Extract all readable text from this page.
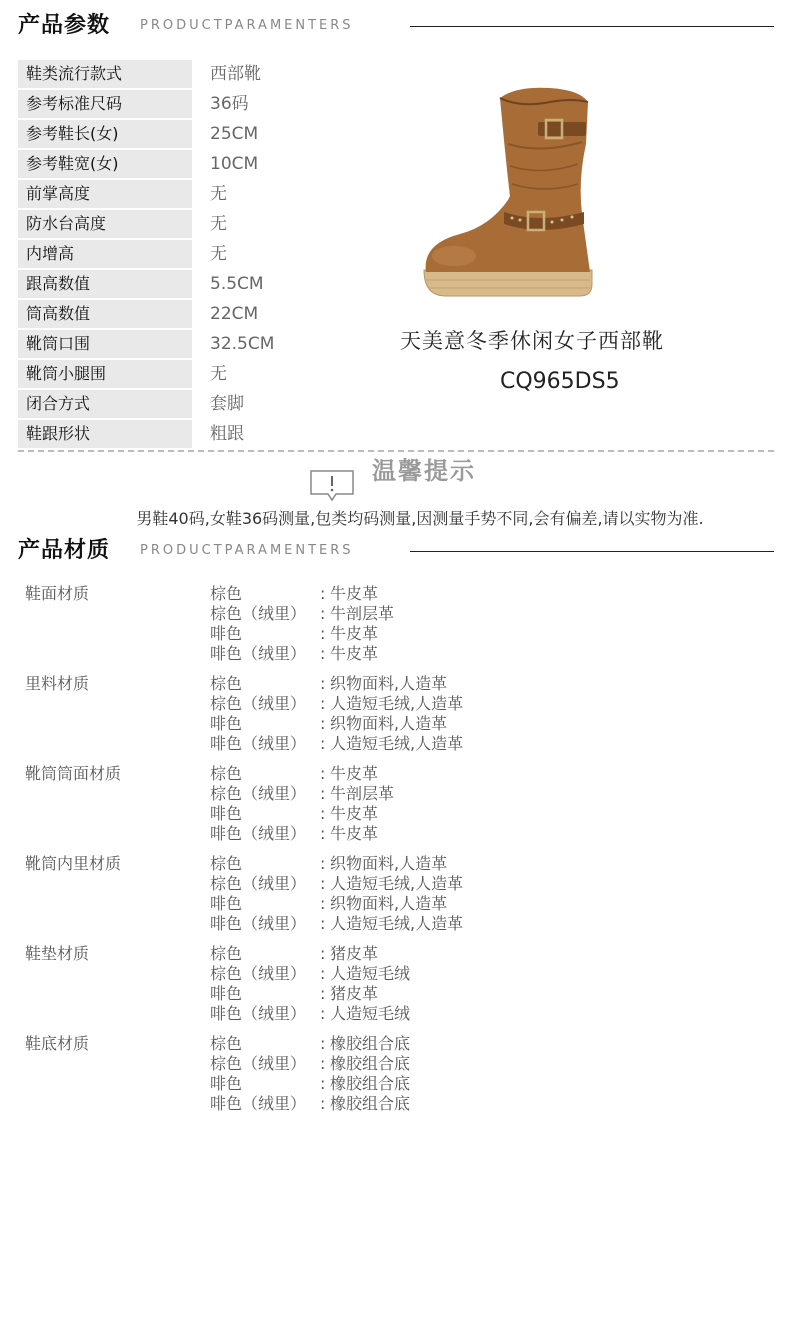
产品参数 PRODUCTPARAMENTERS
鞋类流行款式	西部靴
参考标准尺码	36码
参考鞋长(女)	25CM
参考鞋宽(女)	10CM
前掌高度	无
防水台高度	无
内增高	无
跟高数值	5.5CM
筒高数值	22CM
靴筒口围	32.5CM
靴筒小腿围	无
闭合方式	套脚
鞋跟形状	粗跟
天美意冬季休闲女子西部靴
CQ965DS5
温馨提示
男鞋40码,女鞋36码测量,包类均码测量,因测量手势不同,会有偏差,请以实物为准.
产品材质 PRODUCTPARAMENTERS
鞋面材质	棕色	: 牛皮革
棕色（绒里） : 牛剖层革
啡色	: 牛皮革
啡色（绒里） : 牛皮革
里料材质	棕色	: 织物面料,人造革
棕色（绒里） : 人造短毛绒,人造革
啡色	: 织物面料,人造革
啡色（绒里） : 人造短毛绒,人造革
靴筒筒面材质	棕色	: 牛皮革
棕色（绒里） : 牛剖层革
啡色	: 牛皮革
啡色（绒里） : 牛皮革
靴筒内里材质	棕色	: 织物面料,人造革
棕色（绒里） : 人造短毛绒,人造革
啡色	: 织物面料,人造革
啡色（绒里） : 人造短毛绒,人造革
鞋垫材质	棕色	: 猪皮革
棕色（绒里） : 人造短毛绒
啡色	: 猪皮革
啡色（绒里） : 人造短毛绒
鞋底材质	棕色	: 橡胶组合底
棕色（绒里） : 橡胶组合底
啡色	: 橡胶组合底
啡色（绒里） : 橡胶组合底
